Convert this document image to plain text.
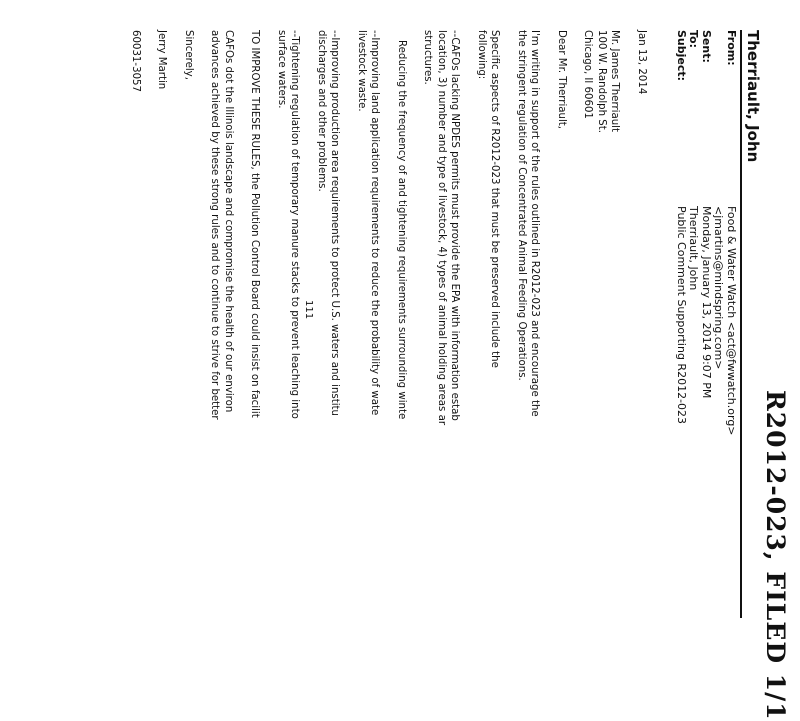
R2012-023, FILED 1/1
Therriault, John
From:
Food & Water Watch <act@fwwatch.org>
<jmartins@mindspring.com>
Sent:
Monday, January 13, 2014 9:07 PM
To:
Therriault, John
Subject:
Public Comment Supporting R2012-023

Jan 13, 2014

Mr. James Therriault

100 W. Randolph St.

Chicago, Il 60601

Dear Mr. Therriault,

I'm writing in support of the rules outlined in R2012-023 and encourage the

the stringent regulation of Concentrated Animal Feeding Operations.

Specific aspects of R2012-023 that must be preserved include the

following:

--CAFOs lacking NPDES permits must provide the EPA with information estab

location, 3) number and type of livestock, 4) types of animal holding areas ar

structures.

Reducing the frequency of and tightening requirements surrounding winte

--Improving land application requirements to reduce the probability of wate

livestock waste.

--Improving production area requirements to protect U.S. waters and institu

discharges and other problems.

--Tightening regulation of temporary manure stacks to prevent leaching into

surface waters.

TO IMPROVE THESE RULES, the Pollution Control Board could insist on facilit

CAFOs dot the Illinois landscape and compromise the health of our environ

advances achieved by these strong rules and to continue to strive for better

Sincerely,

Jerry Martin

60031-3057

111
